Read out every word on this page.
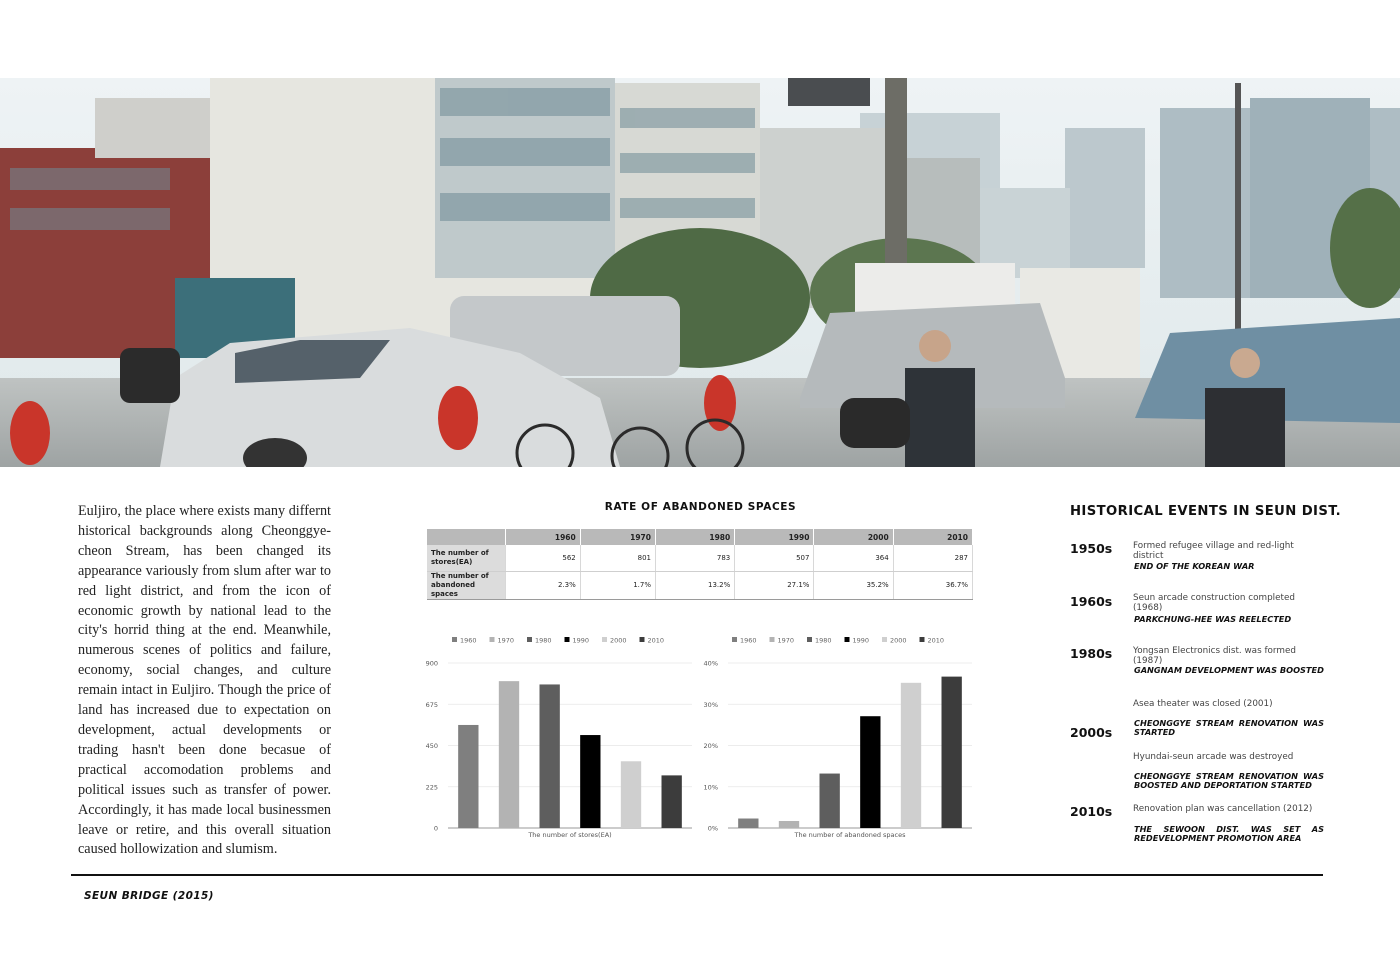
Euljiro, the place where exists many differnt historical backgrounds along Cheonggye-cheon Stream, has been changed its appearance variously from slum after war to red light district, and from the icon of economic growth by national lead to the city's horrid thing at the end. Meanwhile, numerous scenes of politics and failure, economy, social changes, and culture remain intact in Euljiro. Though the price of land has increased due to expectation on development, actual developments or trading hasn't been done becasue of practical accomodation problems and political issues such as transfer of power. Accordingly, it has made local businessmen leave or retire, and this overall situation caused hollowization and slumism.
RATE OF ABANDONED SPACES
	1960	1970	1980	1990	2000	2010
The number of
stores(EA)	562	801	783	507	364	287
The number of
abandoned spaces	2.3%	1.7%	13.2%	27.1%	35.2%	36.7%
1960	1970	1980	1990	2000	2010
0
225
450
675
900
The number of stores(EA)
1960	1970	1980	1990	2000	2010
0%
10%
20%
30%
40%
The number of abandoned spaces
HISTORICAL EVENTS IN SEUN DIST.
1950s Formed refugee village and red-light district
END OF THE KOREAN WAR
1960s Seun arcade construction completed (1968)
PARKCHUNG-HEE WAS REELECTED
1980s Yongsan Electronics dist. was formed (1987)
GANGNAM DEVELOPMENT WAS BOOSTED
Asea theater was closed (2001)
2000s
CHEONGGYE STREAM RENOVATION WAS STARTED
Hyundai-seun arcade was destroyed
CHEONGGYE STREAM RENOVATION WAS BOOSTED AND DEPORTATION STARTED
2010s Renovation plan was cancellation (2012)
THE SEWOON DIST. WAS SET AS REDEVELOPMENT PROMOTION AREA
SEUN BRIDGE (2015)
